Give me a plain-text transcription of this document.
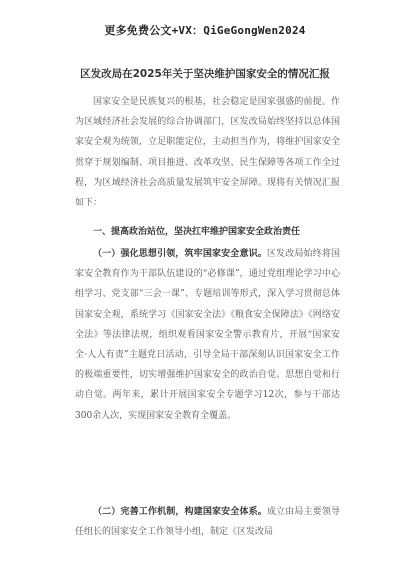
更多免费公文+VX：QiGeGongWen2024
区发改局在2025年关于坚决维护国家安全的情况汇报

国家安全是民族复兴的根基，社会稳定是国家强盛的前提。作为区域经济社会发展的综合协调部门，区发改局始终坚持以总体国家安全观为统领，立足职能定位，主动担当作为，将维护国家安全贯穿于规划编制、项目推进、改革攻坚、民生保障等各项工作全过程，为区域经济社会高质量发展筑牢安全屏障。现将有关情况汇报如下：

一、提高政治站位，坚决扛牢维护国家安全政治责任

（一）强化思想引领，筑牢国家安全意识。区发改局始终将国家安全教育作为干部队伍建设的“必修课”，通过党组理论学习中心组学习、党支部“三会一课”、专题培训等形式，深入学习贯彻总体国家安全观，系统学习《国家安全法》《粮食安全保障法》《网络安全法》等法律法规，组织观看国家安全警示教育片，开展“国家安全·人人有责”主题党日活动，引导全局干部深刻认识国家安全工作的极端重要性，切实增强维护国家安全的政治自觉、思想自觉和行动自觉。两年来，累计开展国家安全专题学习12次，参与干部达300余人次，实现国家安全教育全覆盖。

（二）完善工作机制，构建国家安全体系。成立由局主要领导任组长的国家安全工作领导小组，制定《区发改局
